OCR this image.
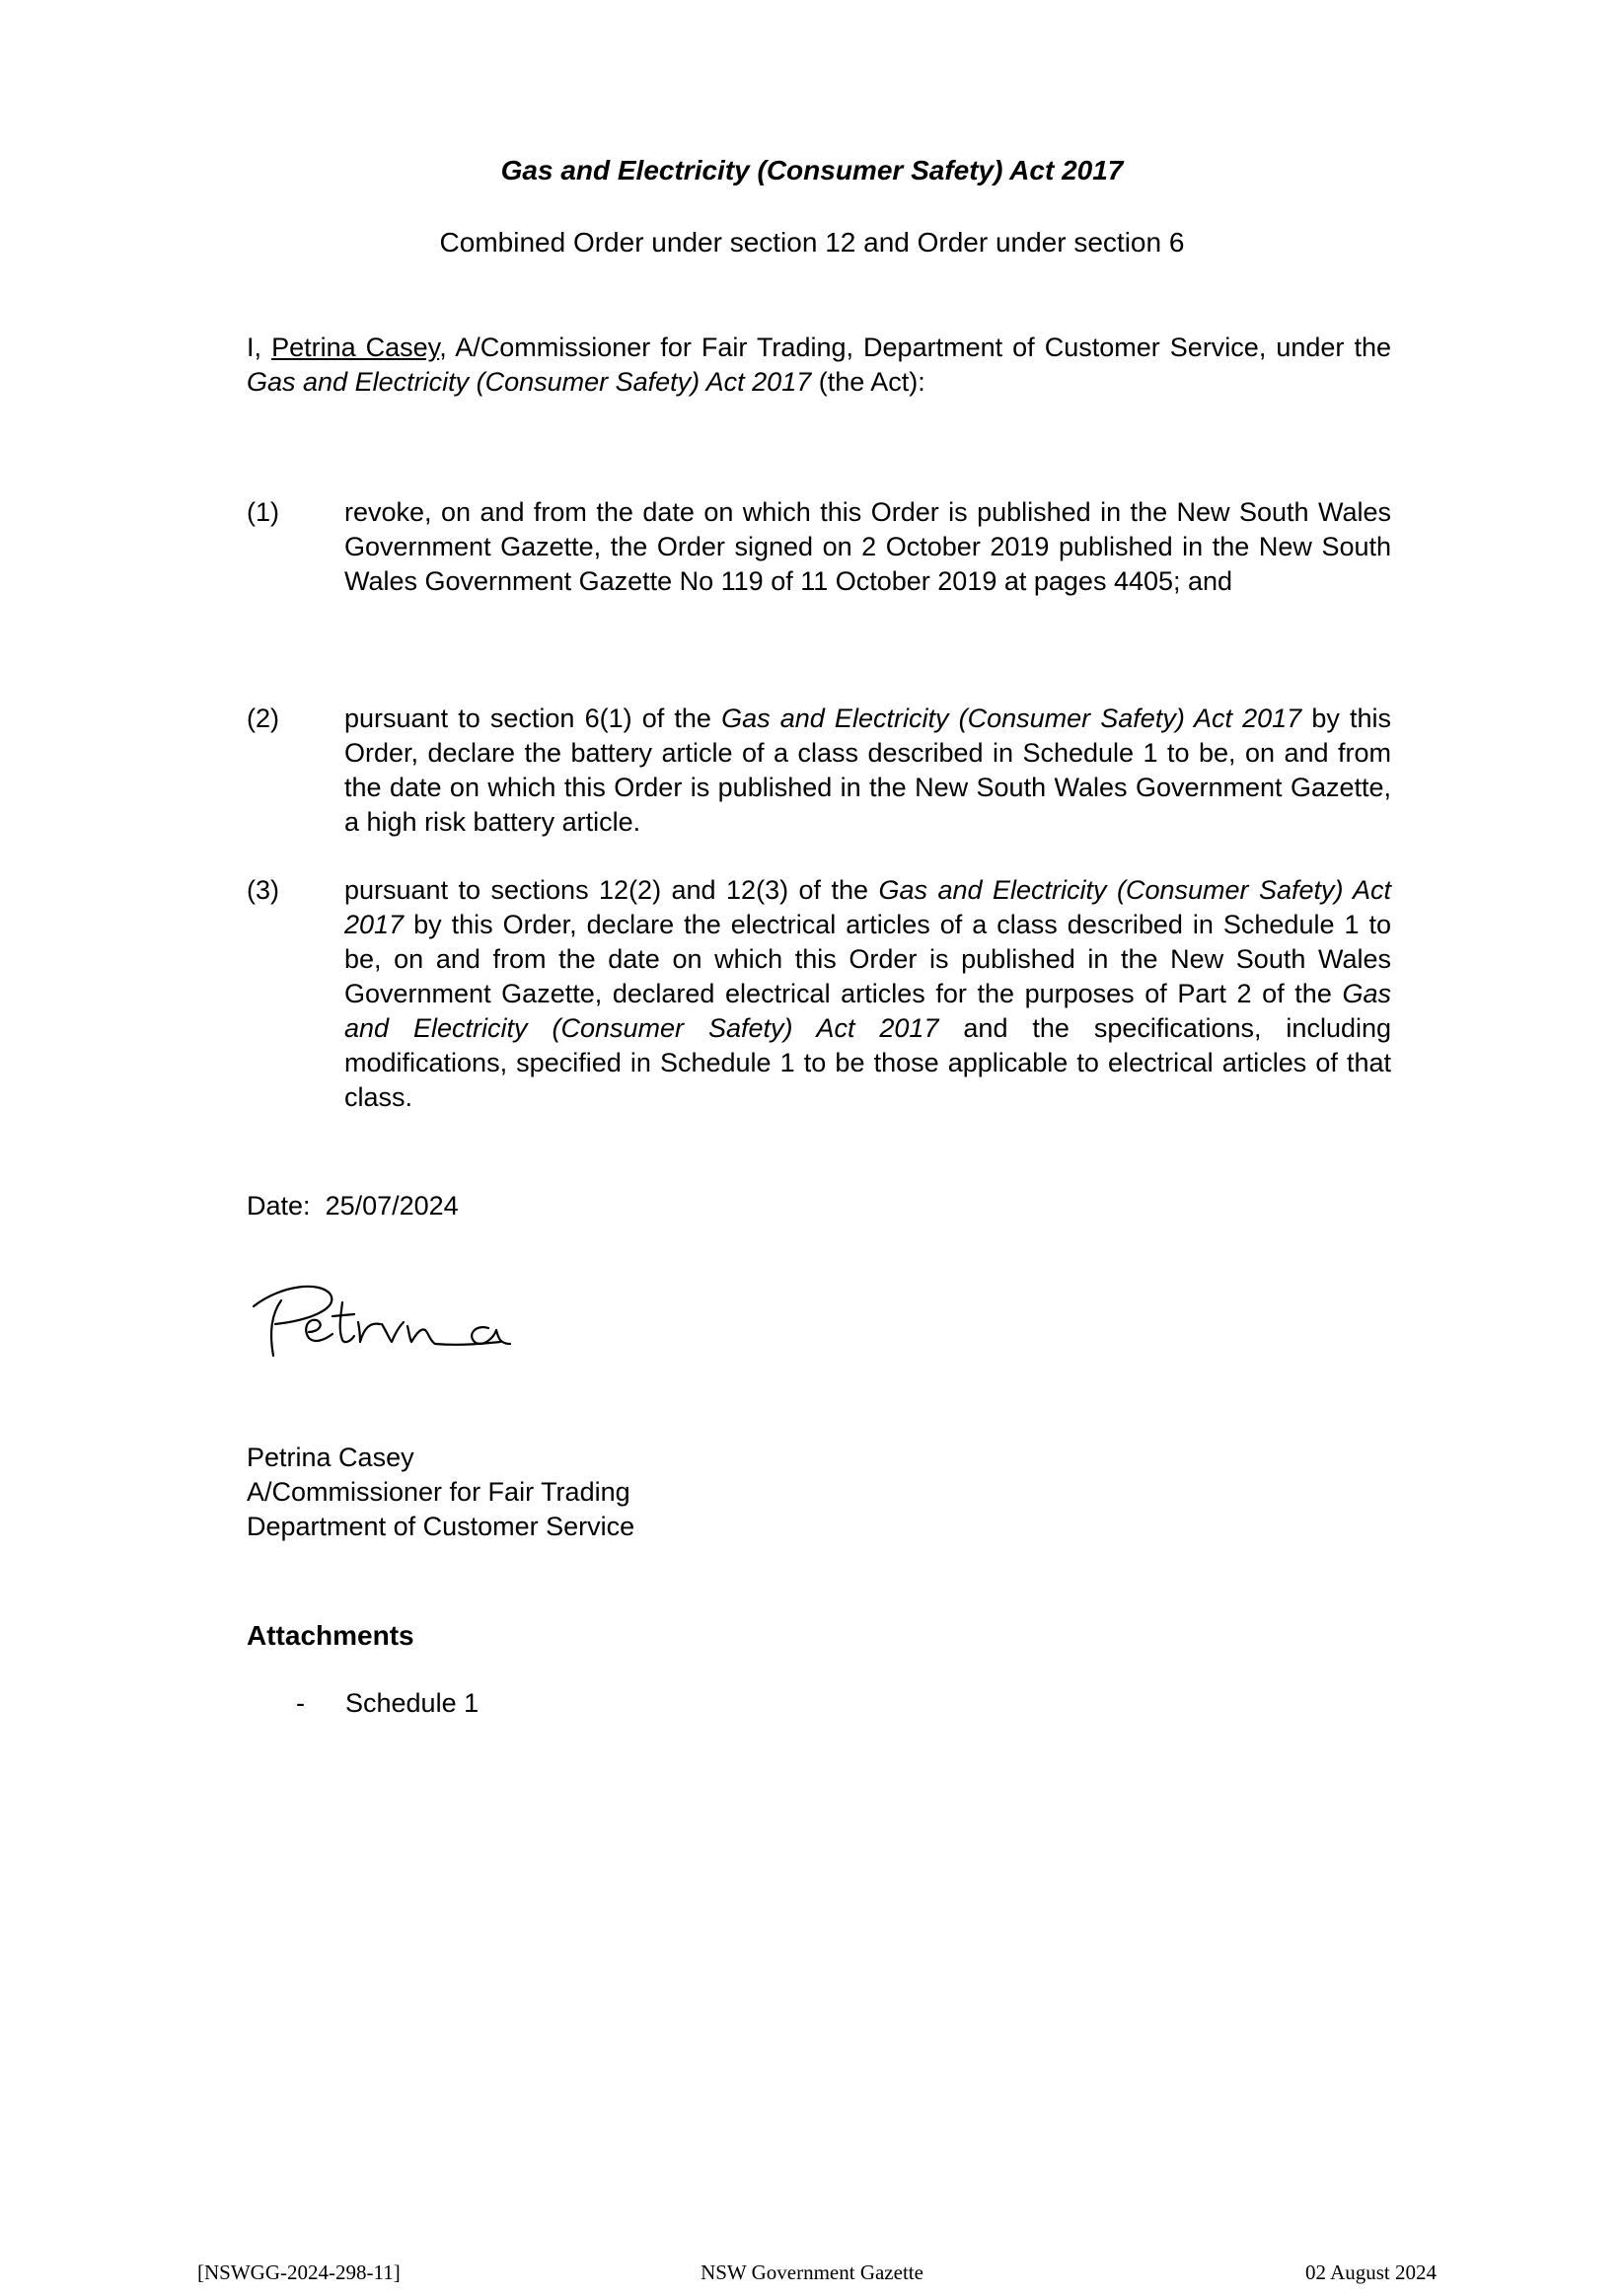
Gas and Electricity (Consumer Safety) Act 2017
Combined Order under section 12 and Order under section 6
I, Petrina Casey, A/Commissioner for Fair Trading, Department of Customer Service, under the Gas and Electricity (Consumer Safety) Act 2017 (the Act):
(1)	revoke, on and from the date on which this Order is published in the New South Wales Government Gazette, the Order signed on 2 October 2019 published in the New South Wales Government Gazette No 119 of 11 October 2019 at pages 4405; and
(2)	pursuant to section 6(1) of the Gas and Electricity (Consumer Safety) Act 2017 by this Order, declare the battery article of a class described in Schedule 1 to be, on and from the date on which this Order is published in the New South Wales Government Gazette, a high risk battery article.
(3)	pursuant to sections 12(2) and 12(3) of the Gas and Electricity (Consumer Safety) Act 2017 by this Order, declare the electrical articles of a class described in Schedule 1 to be, on and from the date on which this Order is published in the New South Wales Government Gazette, declared electrical articles for the purposes of Part 2 of the Gas and Electricity (Consumer Safety) Act 2017 and the specifications, including modifications, specified in Schedule 1 to be those applicable to electrical articles of that class.
Date: 25/07/2024
Petrina Casey
A/Commissioner for Fair Trading
Department of Customer Service
Attachments
- Schedule 1
[NSWGG-2024-298-11]	NSW Government Gazette	02 August 2024
